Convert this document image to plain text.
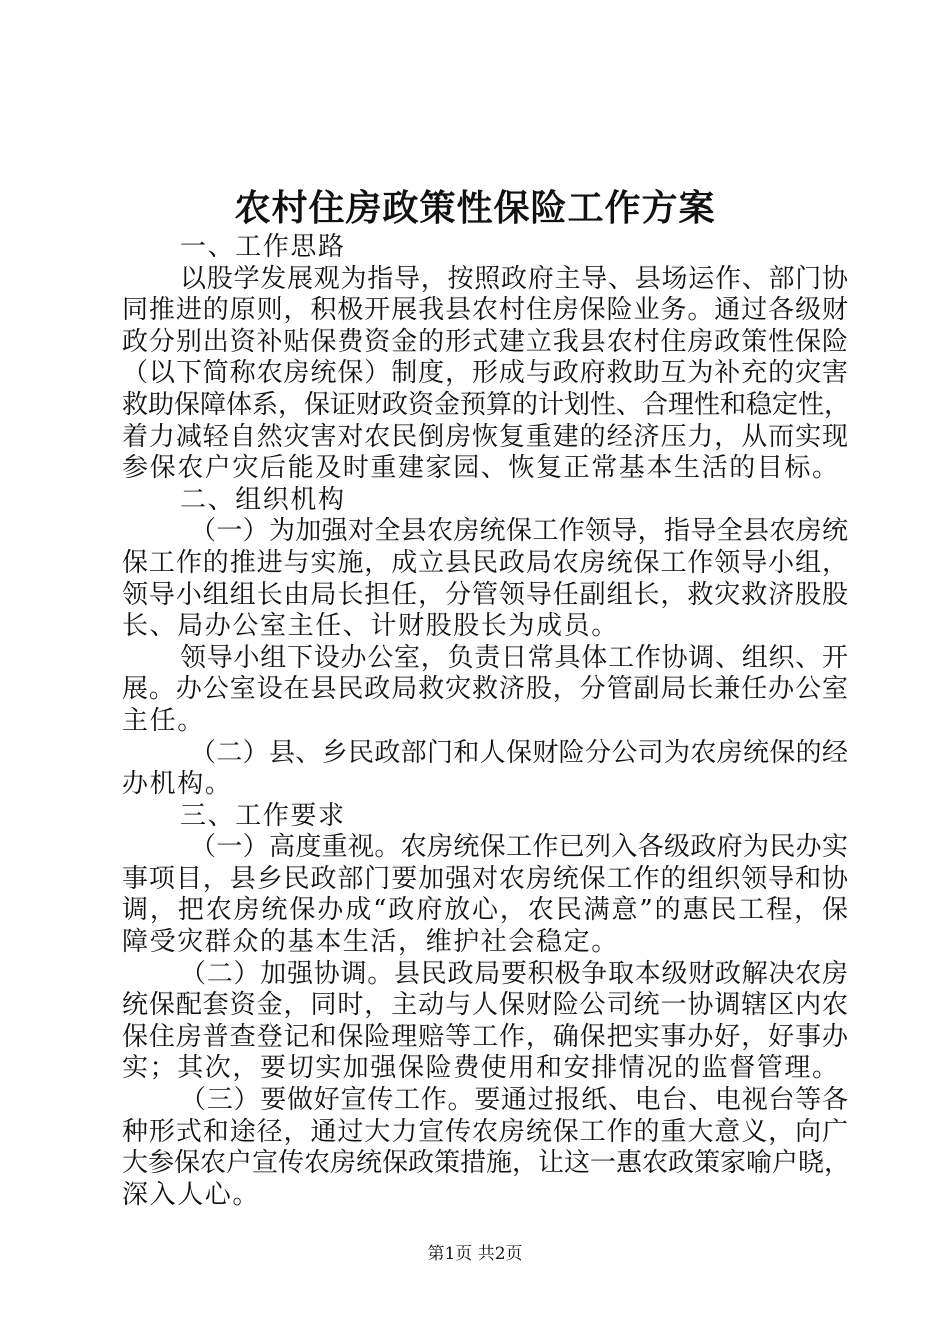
农村住房政策性保险工作方案

一、工作思路

以股学发展观为指导，按照政府主导、县场运作、部门协

同推进的原则，积极开展我县农村住房保险业务。通过各级财

政分别出资补贴保费资金的形式建立我县农村住房政策性保险

（以下简称农房统保）制度，形成与政府救助互为补充的灾害

救助保障体系，保证财政资金预算的计划性、合理性和稳定性，

着力减轻自然灾害对农民倒房恢复重建的经济压力，从而实现

参保农户灾后能及时重建家园、恢复正常基本生活的目标。

二、组织机构

（一）为加强对全县农房统保工作领导，指导全县农房统

保工作的推进与实施，成立县民政局农房统保工作领导小组，

领导小组组长由局长担任，分管领导任副组长，救灾救济股股

长、局办公室主任、计财股股长为成员。

领导小组下设办公室，负责日常具体工作协调、组织、开

展。办公室设在县民政局救灾救济股，分管副局长兼任办公室

主任。

（二）县、乡民政部门和人保财险分公司为农房统保的经

办机构。

三、工作要求

（一）高度重视。农房统保工作已列入各级政府为民办实

事项目，县乡民政部门要加强对农房统保工作的组织领导和协

调，把农房统保办成“政府放心，农民满意”的惠民工程，保

障受灾群众的基本生活，维护社会稳定。

（二）加强协调。县民政局要积极争取本级财政解决农房

统保配套资金，同时，主动与人保财险公司统一协调辖区内农

保住房普查登记和保险理赔等工作，确保把实事办好，好事办

实；其次，要切实加强保险费使用和安排情况的监督管理。

（三）要做好宣传工作。要通过报纸、电台、电视台等各

种形式和途径，通过大力宣传农房统保工作的重大意义，向广

大参保农户宣传农房统保政策措施，让这一惠农政策家喻户晓，

深入人心。

第1页 共2页
